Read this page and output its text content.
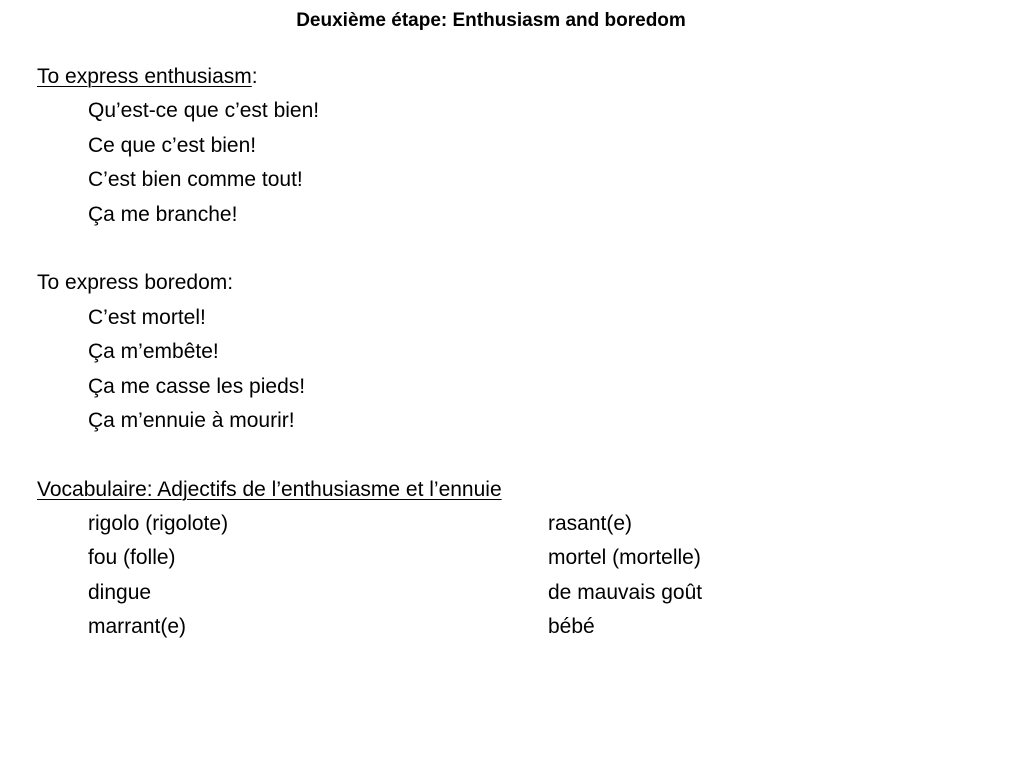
Deuxième étape: Enthusiasm and boredom
To express enthusiasm:
Qu’est-ce que c’est bien!
Ce que c’est bien!
C’est bien comme tout!
Ça me branche!
To express boredom:
C’est mortel!
Ça m’embête!
Ça me casse les pieds!
Ça m’ennuie à mourir!
Vocabulaire: Adjectifs de l’enthusiasme et l’ennuie
rigolo (rigolote)	rasant(e)
fou (folle)	mortel (mortelle)
dingue	de mauvais goût
marrant(e)	bébé
